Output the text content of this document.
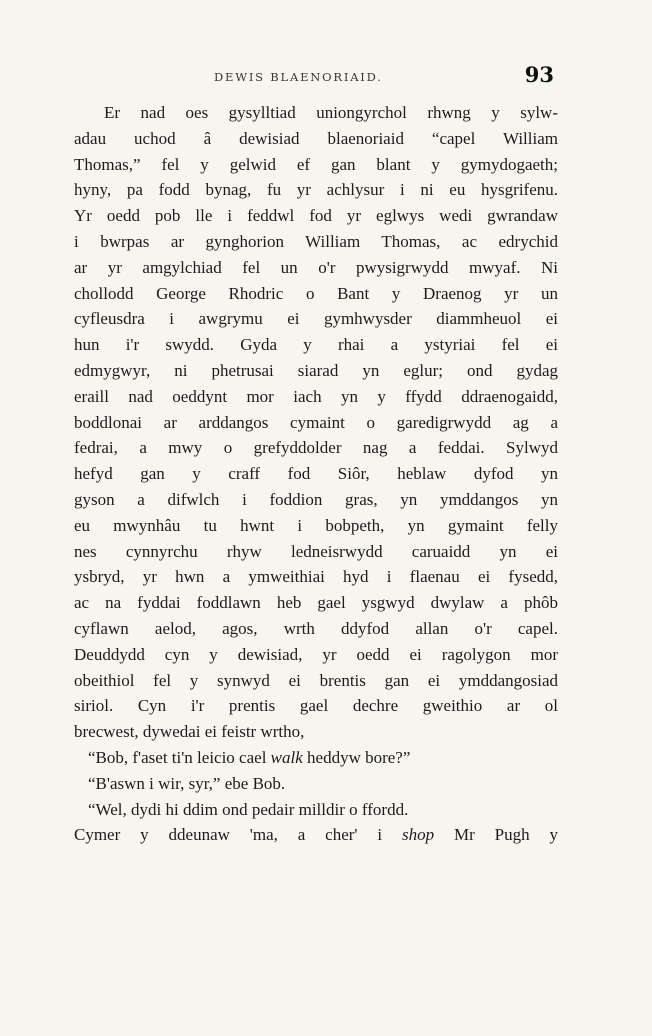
DEWIS BLAENORIAID.	93
Er nad oes gysylltiad uniongyrchol rhwng y sylw-
adau uchod â dewisiad blaenoriaid “capel William
Thomas,” fel y gelwid ef gan blant y gymydogaeth;
hyny, pa fodd bynag, fu yr achlysur i ni eu hysgrifenu.
Yr oedd pob lle i feddwl fod yr eglwys wedi gwrandaw
i bwrpas ar gynghorion William Thomas, ac edrychid
ar yr amgylchiad fel un o'r pwysigrwydd mwyaf. Ni
chollodd George Rhodric o Bant y Draenog yr un
cyfleusdra i awgrymu ei gymhwysder diammheuol ei
hun i'r swydd. Gyda y rhai a ystyriai fel ei
edmygwyr, ni phetrusai siarad yn eglur; ond gydag
eraill nad oeddynt mor iach yn y ffydd ddraenogaidd,
boddlonai ar arddangos cymaint o garedigrwydd ag a
fedrai, a mwy o grefyddolder nag a feddai. Sylwyd
hefyd gan y craff fod Siôr, heblaw dyfod yn
gyson a difwlch i foddion gras, yn ymddangos yn
eu mwynhâu tu hwnt i bobpeth, yn gymaint felly
nes cynnyrchu rhyw ledneisrwydd caruaidd yn ei
ysbryd, yr hwn a ymweithiai hyd i flaenau ei fysedd,
ac na fyddai foddlawn heb gael ysgwyd dwylaw a phôb
cyflawn aelod, agos, wrth ddyfod allan o'r capel.
Deuddydd cyn y dewisiad, yr oedd ei ragolygon mor
obeithiol fel y synwyd ei brentis gan ei ymddangosiad
siriol. Cyn i'r prentis gael dechre gweithio ar ol
brecwest, dywedai ei feistr wrtho,
“Bob, f'aset ti'n leicio cael walk heddyw bore?”
“B'aswn i wir, syr,” ebe Bob.
“Wel, dydi hi ddim ond pedair milldir o ffordd.
Cymer y ddeunaw 'ma, a cher' i shop Mr Pugh y
